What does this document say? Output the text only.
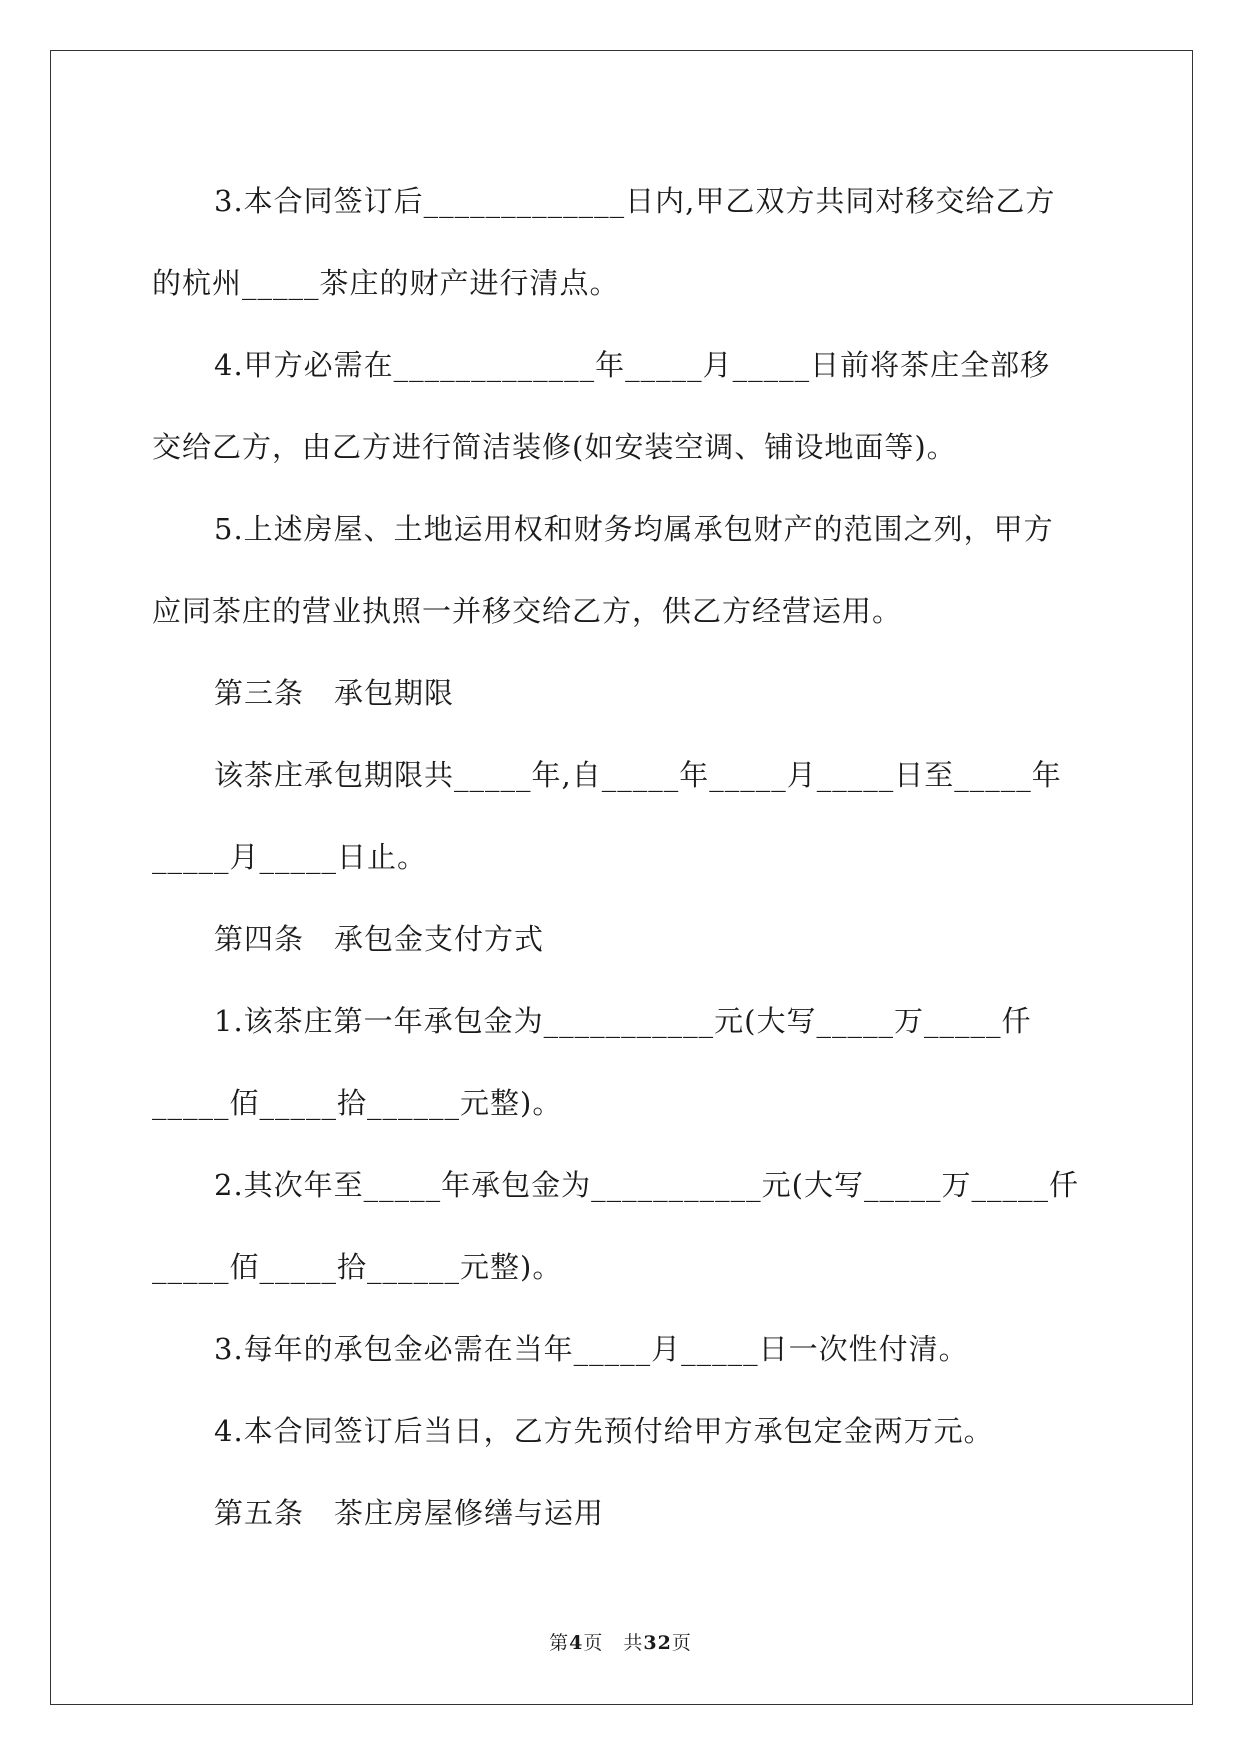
3.本合同签订后_____________日内,甲乙双方共同对移交给乙方
的杭州_____茶庄的财产进行清点。
4.甲方必需在_____________年_____月_____日前将茶庄全部移
交给乙方，由乙方进行简洁装修(如安装空调、铺设地面等)。
5.上述房屋、土地运用权和财务均属承包财产的范围之列，甲方
应同茶庄的营业执照一并移交给乙方，供乙方经营运用。
第三条　承包期限
该茶庄承包期限共_____年,自_____年_____月_____日至_____年
_____月_____日止。
第四条　承包金支付方式
1.该茶庄第一年承包金为___________元(大写_____万_____仟
_____佰_____拾______元整)。
2.其次年至_____年承包金为___________元(大写_____万_____仟
_____佰_____拾______元整)。
3.每年的承包金必需在当年_____月_____日一次性付清。
4.本合同签订后当日，乙方先预付给甲方承包定金两万元。
第五条　茶庄房屋修缮与运用
第4页　共32页
